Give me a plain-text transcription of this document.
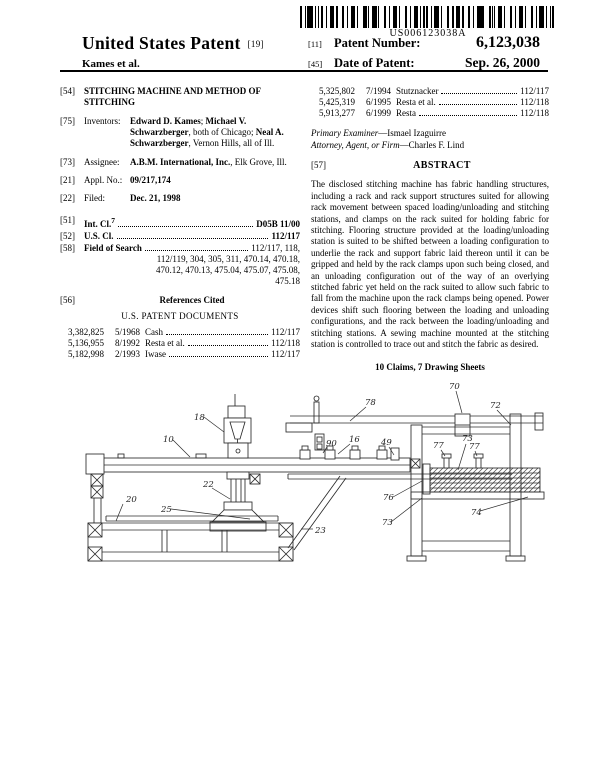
US006123038A
United States Patent [19]
Kames et al.
[11] Patent Number:	6,123,038
[45] Date of Patent:	Sep. 26, 2000
[54]	STITCHING MACHINE AND METHOD OF STITCHING
[75]	Inventors:	Edward D. Kames; Michael V. Schwarzberger, both of Chicago; Neal A. Schwarzberger, Vernon Hills, all of Ill.
[73]	Assignee:	A.B.M. International, Inc., Elk Grove, Ill.
[21]	Appl. No.: 09/217,174
[22]	Filed:	Dec. 21, 1998
[51]	Int. Cl.$^7$	D05B 11/00
[52]	U.S. Cl.	112/117
[58]	Field of Search	112/117, 118,
112/119, 304, 305, 311, 470.14, 470.18,
470.12, 470.13, 475.04, 475.07, 475.08,
475.18
[56]	References Cited
U.S. PATENT DOCUMENTS
3,382,825	5/1968 Cash	112/117
5,136,955	8/1992 Resta et al.	112/118
5,182,998	2/1993 Iwase	112/117
5,325,802	7/1994 Stutznacker	112/117
5,425,319	6/1995 Resta et al.	112/118
5,913,277	6/1999 Resta	112/118
Primary Examiner—Ismael Izaguirre
Attorney, Agent, or Firm—Charles F. Lind
[57]	ABSTRACT
The disclosed stitching machine has fabric handling structures, including a rack and rack support structures suited for allowing rack movement between spaced loading/unloading and stitching stations, and clamps on the rack suited for holding fabric for stitching. Flooring structure provided at the loading/unloading station is suited to be shifted between a loading configuration to underlie the rack and support fabric laid thereon until it can be gripped and held by the rack clamps upon such being closed, and an unloading configuration out of the way of an overlying stitched fabric yet held on the rack suited to allow such fabric to fall from the machine upon the rack clamps being opened. Power devices shift such flooring between the loading and unloading configurations, and the rack between the loading/unloading and stitching stations. A sewing machine mounted at the stitching station is controlled to trace out and stitch the fabric as desired.
10 Claims, 7 Drawing Sheets
18
10
20
25
22
90 16 49
23
78
70
72
73
77	77
76
73
74
